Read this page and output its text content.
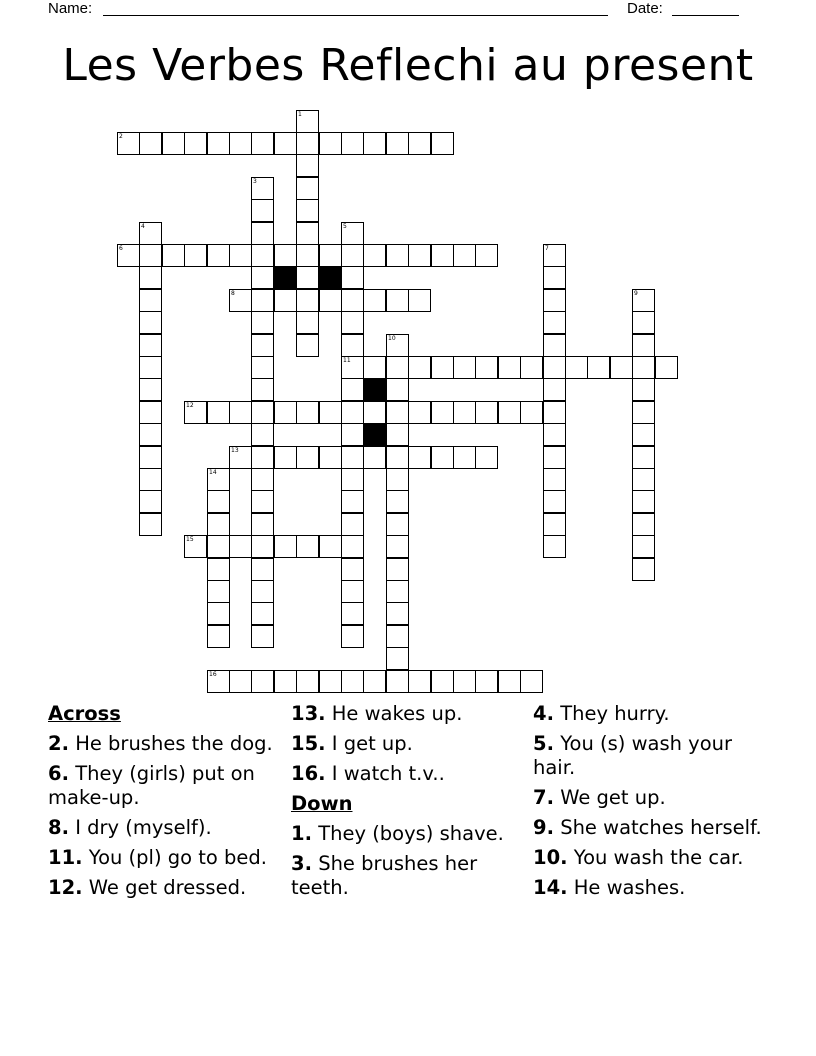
Name:	Date:
Les Verbes Reflechi au present
2
6
8
11
12
13
15
16
1
3
4	5
7
9
10
14
Across
2. He brushes the dog.
6. They (girls) put on make-up.
8. I dry (myself).
11. You (pl) go to bed.
12. We get dressed.
13. He wakes up.
15. I get up.
16. I watch t.v..
Down
1. They (boys) shave.
3. She brushes her teeth.
4. They hurry.
5. You (s) wash your hair.
7. We get up.
9. She watches herself.
10. You wash the car.
14. He washes.
